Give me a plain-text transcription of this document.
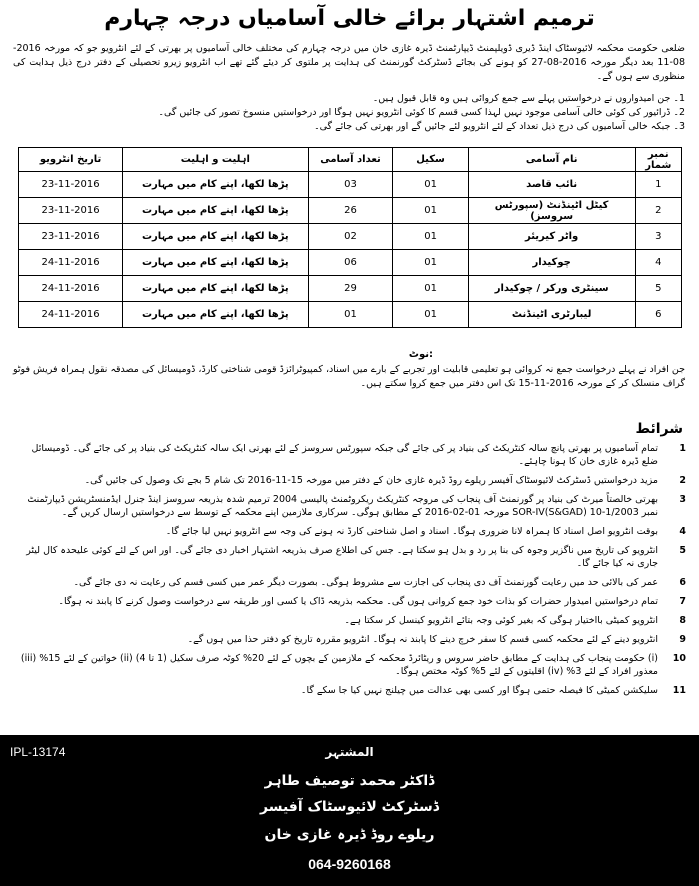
ترمیم اشتہار برائے خالی آسامیاں درجہ چہارم
ضلعی حکومت محکمہ لائیوسٹاک اینڈ ڈیری ڈویلپمنٹ ڈیپارٹمنٹ ڈیرہ غازی خان میں درجہ چہارم کی مختلف خالی آسامیوں پر بھرتی کے لئے انٹرویو جو کہ مورخہ 2016-08-11 بعد دیگر مورخہ 2016-08-27 کو ہونے کی بجائے ڈسٹرکٹ گورنمنٹ کی ہدایت پر ملتوی کر دیئے گئے تھے اب انٹرویو زیرو تحصیلی کے دفتر درج ذیل ہدایت کی منظوری سے ہوں گے۔
1۔ جن امیدواروں نے درخواستیں پہلے سے جمع کروائی ہیں وہ قابل قبول ہیں۔
2۔ ڈرائیور کی کوئی خالی آسامی موجود نہیں لہذا کسی قسم کا کوئی انٹرویو نہیں ہوگا اور درخواستیں منسوخ تصور کی جائیں گی۔
3۔ جبکہ خالی آسامیوں کی درج ذیل تعداد کے لئے انٹرویو لئے جائیں گے اور بھرتی کی جائے گی۔
نمبر شمار	نام آسامی	سکیل	تعداد آسامی	اہلیت و اہلیت	تاریخ انٹرویو
1	نائب قاصد	01	03	پڑھا لکھا، اپنے کام میں مہارت	23-11-2016
2	کیٹل اٹینڈنٹ (سپورٹس سروسز)	01	26	پڑھا لکھا، اپنے کام میں مہارت	23-11-2016
3	واٹر کیریئر	01	02	پڑھا لکھا، اپنے کام میں مہارت	23-11-2016
4	چوکیدار	01	06	پڑھا لکھا، اپنے کام میں مہارت	24-11-2016
5	سینٹری ورکر / چوکیدار	01	29	پڑھا لکھا، اپنے کام میں مہارت	24-11-2016
6	لیبارٹری اٹینڈنٹ	01	01	پڑھا لکھا، اپنے کام میں مہارت	24-11-2016
نوٹ:
جن افراد نے پہلے درخواست جمع نہ کروائی ہو تعلیمی قابلیت اور تجربے کے بارے میں اسناد، کمپیوٹرائزڈ قومی شناختی کارڈ، ڈومیسائل کی مصدقہ نقول ہمراہ فریش فوٹو گراف منسلک کر کے مورخہ 2016-11-15 تک اس دفتر میں جمع کروا سکتے ہیں۔
شرائط
1
تمام آسامیوں پر بھرتی پانچ سالہ کنٹریکٹ کی بنیاد پر کی جائے گی جبکہ سپورٹس سروسز کے لئے بھرتی ایک سالہ کنٹریکٹ کی بنیاد پر کی جائے گی۔ ڈومیسائل ضلع ڈیرہ غازی خان کا ہونا چاہئے۔
2
مزید درخواستیں ڈسٹرکٹ لائیوسٹاک آفیسر ریلوے روڈ ڈیرہ غازی خان کے دفتر میں مورخہ 15-11-2016 تک شام 5 بجے تک وصول کی جائیں گی۔
3
بھرتی خالصتاً میرٹ کی بنیاد پر گورنمنٹ آف پنجاب کی مروجہ کنٹریکٹ ریکروٹمنٹ پالیسی 2004 ترمیم شدہ بذریعہ سروسز اینڈ جنرل ایڈمنسٹریشن ڈیپارٹمنٹ نمبر SOR-IV(S&GAD) 10-1/2003 مورخہ 01-02-2016 کے مطابق ہوگی۔ سرکاری ملازمین اپنے محکمہ کے توسط سے درخواستیں ارسال کریں گے۔
4
بوقت انٹرویو اصل اسناد کا ہمراہ لانا ضروری ہوگا۔ اسناد و اصل شناختی کارڈ نہ ہونے کی وجہ سے انٹرویو نہیں لیا جائے گا۔
5
انٹرویو کی تاریخ میں ناگزیر وجوہ کی بنا پر رد و بدل ہو سکتا ہے۔ جس کی اطلاع صرف بذریعہ اشتہار اخبار دی جائے گی۔ اور اس کے لئے کوئی علیحدہ کال لیٹر جاری نہ کیا جائے گا۔
6
عمر کی بالائی حد میں رعایت گورنمنٹ آف دی پنجاب کی اجازت سے مشروط ہوگی۔ بصورت دیگر عمر میں کسی قسم کی رعایت نہ دی جائے گی۔
7
تمام درخواستیں امیدوار حضرات کو بذات خود جمع کروانی ہوں گی۔ محکمہ بذریعہ ڈاک یا کسی اور طریقہ سے درخواست وصول کرنے کا پابند نہ ہوگا۔
8
انٹرویو کمیٹی بااختیار ہوگی کہ بغیر کوئی وجہ بتائے انٹرویو کینسل کر سکتا ہے۔
9
انٹرویو دینے کے لئے محکمہ کسی قسم کا سفر خرچ دینے کا پابند نہ ہوگا۔ انٹرویو مقررہ تاریخ کو دفتر حذا میں ہوں گے۔
10
(i) حکومت پنجاب کی ہدایت کے مطابق حاضر سروس و ریٹائرڈ محکمہ کے ملازمین کے بچوں کے لئے 20% کوٹہ صرف سکیل (1 تا 4) (ii) خواتین کے لئے 15% (iii) معذور افراد کے لئے 3% (iv) اقلیتوں کے لئے 5% کوٹہ مختص ہوگا۔
11
سلیکشن کمیٹی کا فیصلہ حتمی ہوگا اور کسی بھی عدالت میں چیلنج نہیں کیا جا سکے گا۔
IPL-13174	المشتہر
ڈاکٹر محمد توصیف طاہر
ڈسٹرکٹ لائیوسٹاک آفیسر
ریلوے روڈ ڈیرہ غازی خان
064-9260168
